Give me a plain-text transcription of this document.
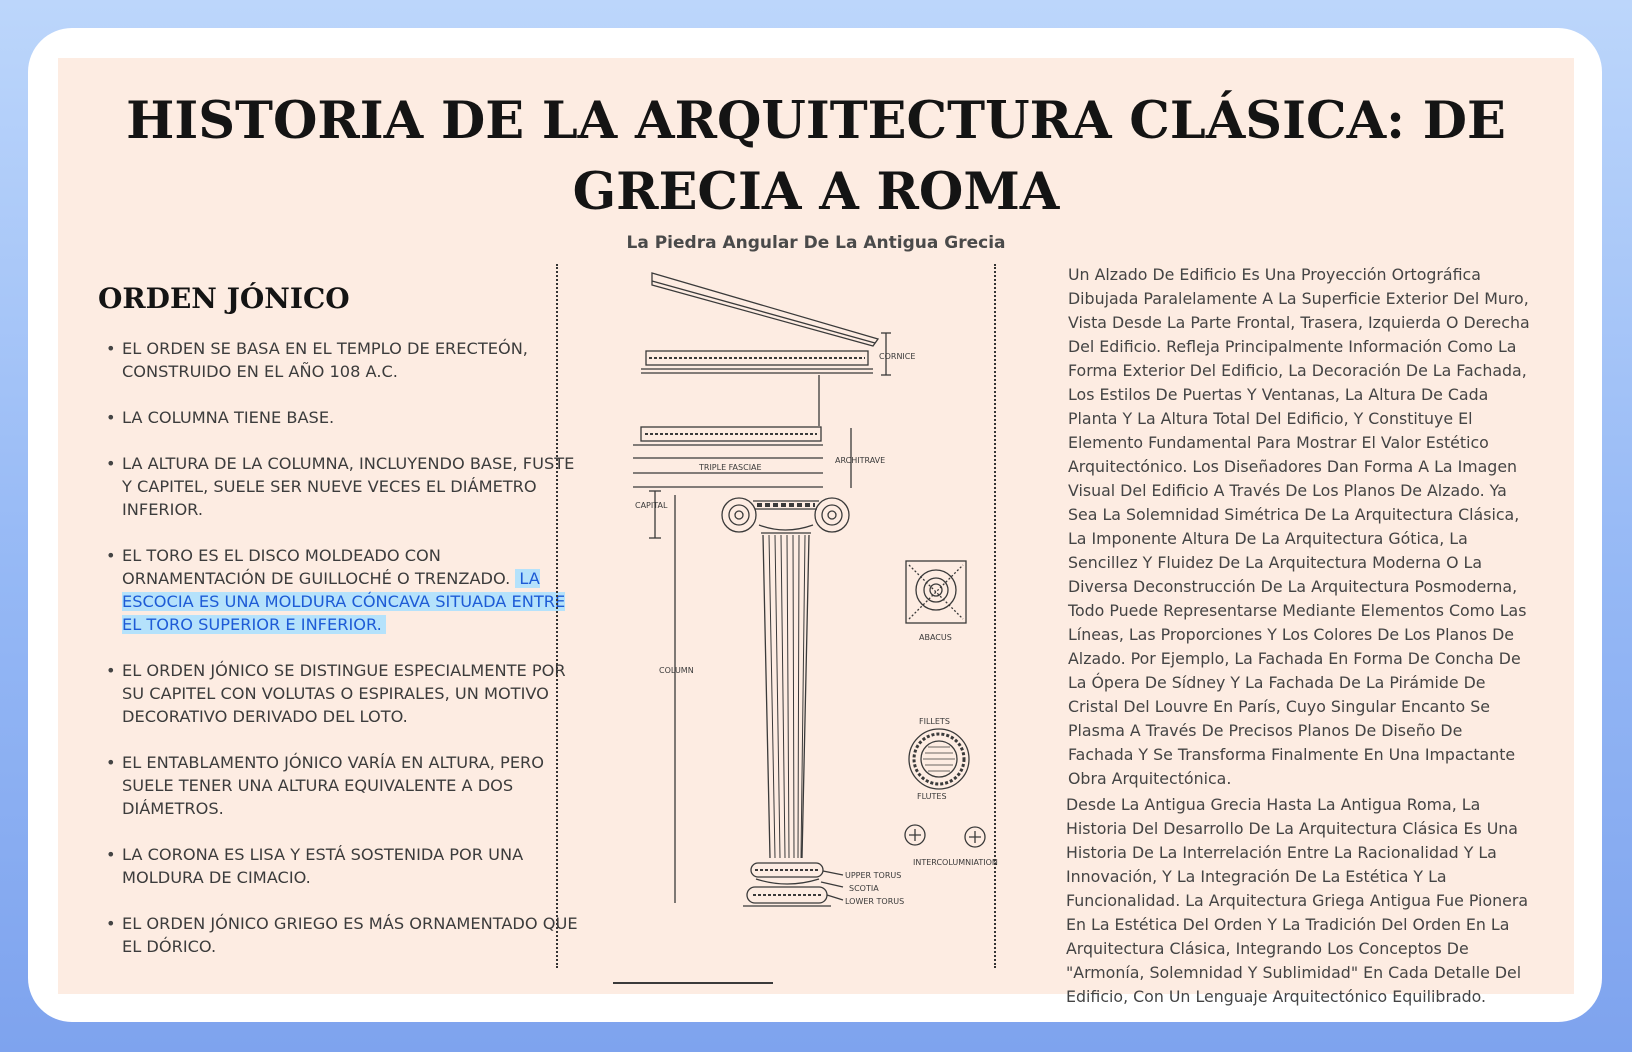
HISTORIA DE LA ARQUITECTURA CLÁSICA: DE GRECIA A ROMA
La Piedra Angular De La Antigua Grecia
ORDEN JÓNICO
• EL ORDEN SE BASA EN EL TEMPLO DE ERECTEÓN, CONSTRUIDO EN EL AÑO 108 A.C.
• LA COLUMNA TIENE BASE.
• LA ALTURA DE LA COLUMNA, INCLUYENDO BASE, FUSTE Y CAPITEL, SUELE SER NUEVE VECES EL DIÁMETRO INFERIOR.
• EL TORO ES EL DISCO MOLDEADO CON ORNAMENTACIÓN DE GUILLOCHÉ O TRENZADO. LA ESCOCIA ES UNA MOLDURA CÓNCAVA SITUADA ENTRE EL TORO SUPERIOR E INFERIOR.
• EL ORDEN JÓNICO SE DISTINGUE ESPECIALMENTE POR SU CAPITEL CON VOLUTAS O ESPIRALES, UN MOTIVO DECORATIVO DERIVADO DEL LOTO.
• EL ENTABLAMENTO JÓNICO VARÍA EN ALTURA, PERO SUELE TENER UNA ALTURA EQUIVALENTE A DOS DIÁMETROS.
• LA CORONA ES LISA Y ESTÁ SOSTENIDA POR UNA MOLDURA DE CIMACIO.
• EL ORDEN JÓNICO GRIEGO ES MÁS ORNAMENTADO QUE EL DÓRICO.
CORNICE
TRIPLE FASCIAE
ARCHITRAVE
CAPITAL
COLUMN
UPPER TORUS
SCOTIA
LOWER TORUS
ABACUS
FILLETS
FLUTES
INTERCOLUMNIATION

Un Alzado De Edificio Es Una Proyección Ortográfica Dibujada Paralelamente A La Superficie Exterior Del Muro, Vista Desde La Parte Frontal, Trasera, Izquierda O Derecha Del Edificio. Refleja Principalmente Información Como La Forma Exterior Del Edificio, La Decoración De La Fachada, Los Estilos De Puertas Y Ventanas, La Altura De Cada Planta Y La Altura Total Del Edificio, Y Constituye El Elemento Fundamental Para Mostrar El Valor Estético Arquitectónico. Los Diseñadores Dan Forma A La Imagen Visual Del Edificio A Través De Los Planos De Alzado. Ya Sea La Solemnidad Simétrica De La Arquitectura Clásica, La Imponente Altura De La Arquitectura Gótica, La Sencillez Y Fluidez De La Arquitectura Moderna O La Diversa Deconstrucción De La Arquitectura Posmoderna, Todo Puede Representarse Mediante Elementos Como Las Líneas, Las Proporciones Y Los Colores De Los Planos De Alzado. Por Ejemplo, La Fachada En Forma De Concha De La Ópera De Sídney Y La Fachada De La Pirámide De Cristal Del Louvre En París, Cuyo Singular Encanto Se Plasma A Través De Precisos Planos De Diseño De Fachada Y Se Transforma Finalmente En Una Impactante Obra Arquitectónica.

Desde La Antigua Grecia Hasta La Antigua Roma, La Historia Del Desarrollo De La Arquitectura Clásica Es Una Historia De La Interrelación Entre La Racionalidad Y La Innovación, Y La Integración De La Estética Y La Funcionalidad. La Arquitectura Griega Antigua Fue Pionera En La Estética Del Orden Y La Tradición Del Orden En La Arquitectura Clásica, Integrando Los Conceptos De "Armonía, Solemnidad Y Sublimidad" En Cada Detalle Del Edificio, Con Un Lenguaje Arquitectónico Equilibrado.
